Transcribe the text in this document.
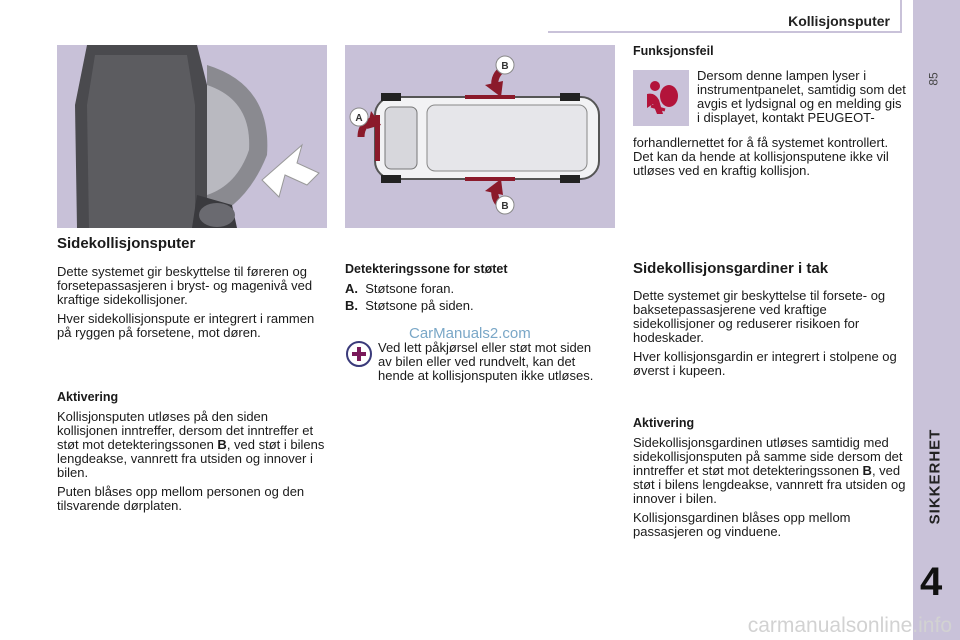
Kollisjonsputer
85
SIKKERHET
4
B
B
A
Sidekollisjonsputer

Dette systemet gir beskyttelse til føreren og forsetepassasjeren i bryst- og magenivå ved kraftige sidekollisjoner.

Hver sidekollisjonspute er integrert i rammen på ryggen på forsetene, mot døren.

Aktivering

Kollisjonsputen utløses på den siden kollisjonen inntreffer, dersom det inntreffer et støt mot detekteringssonen B, ved støt i bilens lengdeakse, vannrett fra utsiden og innover i bilen.

Puten blåses opp mellom personen og den tilsvarende dørplaten.

Detekteringssone for støtet

A. Støtsone foran.

B. Støtsone på siden.

CarManuals2.com

Ved lett påkjørsel eller støt mot siden av bilen eller ved rundvelt, kan det hende at kollisjonsputen ikke utløses.

Funksjonsfeil

Dersom denne lampen lyser i instrumentpanelet, samtidig som det avgis et lydsignal og en melding gis i displayet, kontakt PEUGEOT-

forhandlernettet for å få systemet kontrollert. Det kan da hende at kollisjonsputene ikke vil utløses ved en kraftig kollisjon.

Sidekollisjonsgardiner i tak

Dette systemet gir beskyttelse til forsete- og baksetepassasjerene ved kraftige sidekollisjoner og reduserer risikoen for hodeskader.

Hver kollisjonsgardin er integrert i stolpene og øverst i kupeen.

Aktivering

Sidekollisjonsgardinen utløses samtidig med sidekollisjonsputen på samme side dersom det inntreffer et støt mot detekteringssonen B, ved støt i bilens lengdeakse, vannrett fra utsiden og innover i bilen.

Kollisjonsgardinen blåses opp mellom passasjeren og vinduene.

carmanualsonline.info
